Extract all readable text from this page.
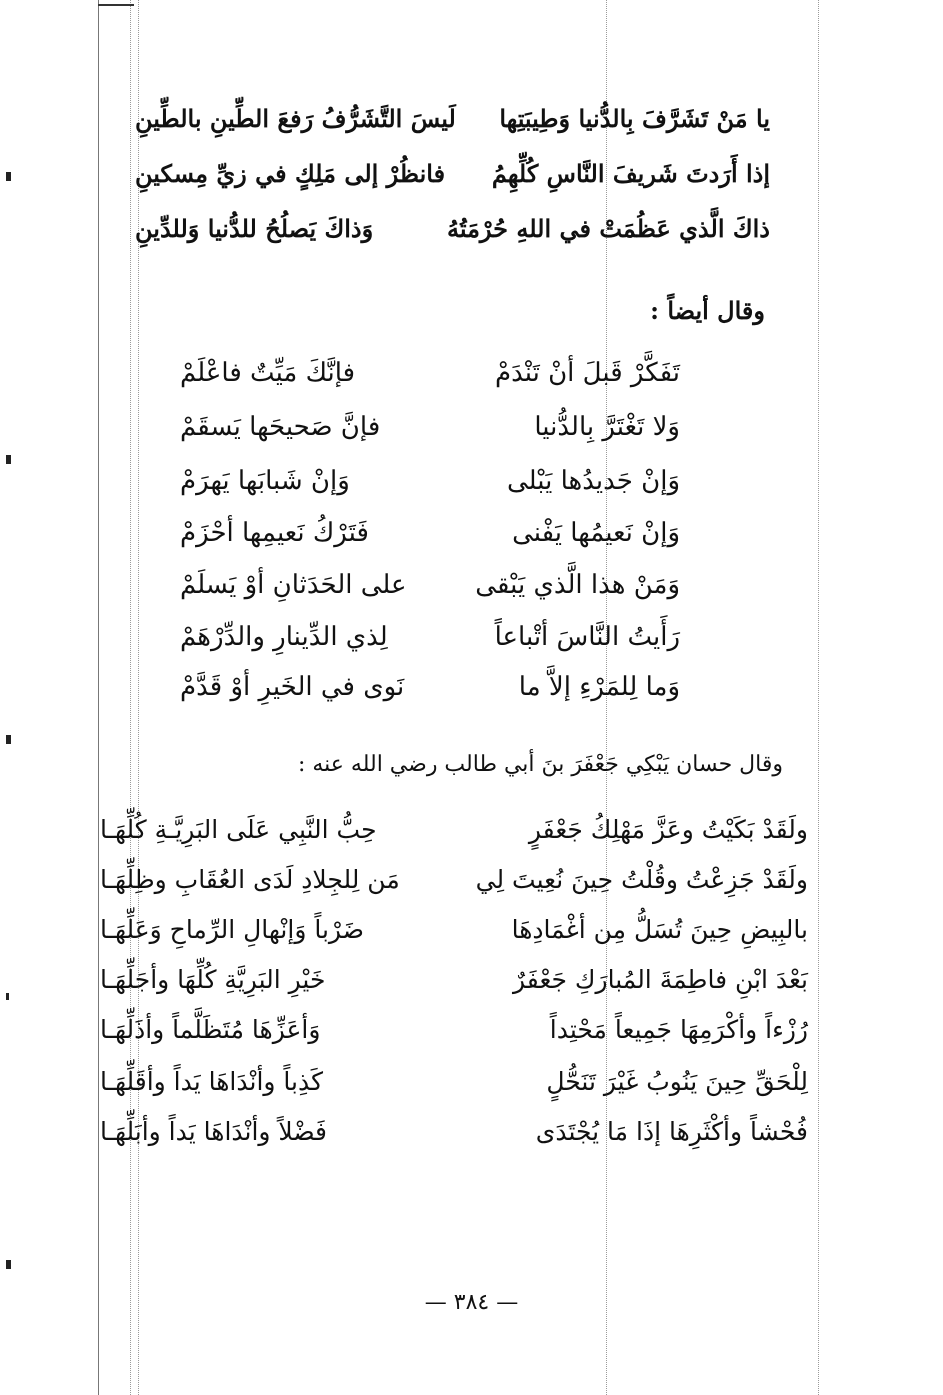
يا مَنْ تَشَرَّفَ بِالدُّنيا وَطِيبَتِها
لَيسَ التَّشَرُّفُ رَفعَ الطِّينِ بالطِّينِ
إذا أَرَدتَ شَريفَ النَّاسِ كُلِّهِمُ
فانظُرْ إلى مَلِكٍ في زيِّ مِسكينِ
ذاكَ الَّذي عَظُمَتْ في اللهِ حُرْمَتُهُ
وَذاكَ يَصلُحُ للدُّنيا وَللدِّينِ
وقال أيضاً :
تَفَكَّرْ قَبلَ أنْ تَنْدَمْ
فإنَّكَ مَيِّتٌ فاعْلَمْ
وَلا تَغْتَرَّ بِالدُّنيا
فإنَّ صَحيحَها يَسقَمْ
وَإنْ جَديدُها يَبْلى
وَإنْ شَبابَها يَهرَمْ
وَإنْ نَعيمُها يَفْنى
فَتَرْكُ نَعيمِها أحْزَمْ
وَمَنْ هذا الَّذي يَبْقى
على الحَدَثانِ أوْ يَسلَمْ
رَأَيتُ النَّاسَ أتْباعاً
لِذي الدِّينارِ والدِّرْهَمْ
وَما لِلمَرْءِ إلاَّ ما
نَوى في الخَيرِ أوْ قَدَّمْ
وقال حسان يَبْكِي جَعْفَرَ بنَ أبي طالب رضي الله عنه :
ولَقَدْ بَكَيْتُ وعَزَّ مَهْلِكُ جَعْفَرٍ
حِبُّ النَّبِي عَلَى البَرِيَّـةِ كُلِّهَـا
ولَقَدْ جَزِعْتُ وقُلْتُ حِينَ نُعِيتَ لِي
مَن لِلجِلادِ لَدَى العُقَابِ وظِلِّهَـا
بالبِيضِ حِينَ تُسَلُّ مِن أغْمَادِهَا
ضَرْباً وَإنْهالِ الرِّماحِ وَعَلِّهَـا
بَعْدَ ابْنِ فاطِمَةَ المُبارَكِ جَعْفَرٌ
خَيْرِ البَرِيَّةِ كُلِّهَا وأجَلِّهَـا
رُزْءاً وأكْرَمِهَا جَمِيعاً مَحْتِداً
وَأعَزِّهَا مُتَظَلَّماً وأذَلِّهَـا
لِلْحَقِّ حِينَ يَنُوبُ غَيْرَ تَنَحُّلٍ
كَذِباً وأنْدَاهَا يَداً وأقَلِّهَـا
فُحْشاً وأكْثَرِهَا إذَا مَا يُجْتَدَى
فَضْلاً وأنْدَاهَا يَداً وأبَلِّهَـا
— ٣٨٤ —
